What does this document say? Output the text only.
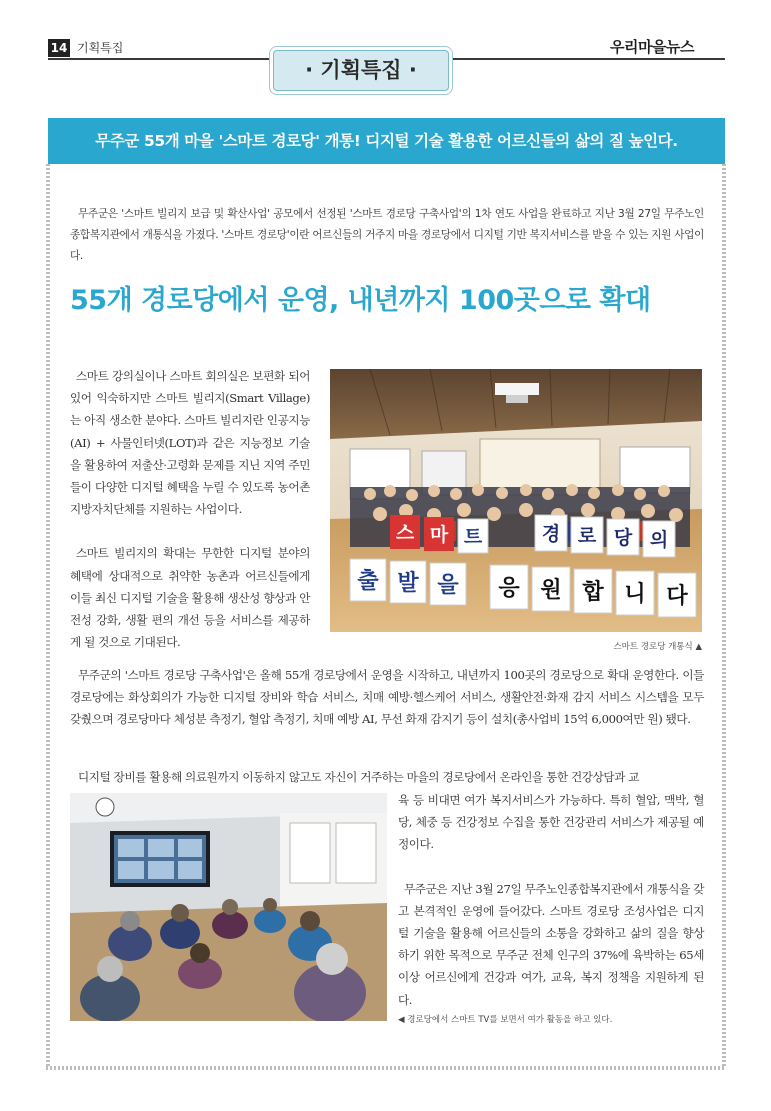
14 기획특집	우리마을뉴스
· 기획특집 ·
무주군 55개 마을 '스마트 경로당' 개통! 디지털 기술 활용한 어르신들의 삶의 질 높인다.

무주군은 '스마트 빌리지 보급 및 확산사업' 공모에서 선정된 '스마트 경로당 구축사업'의 1차 연도 사업을 완료하고 지난 3월 27일 무주노인종합복지관에서 개통식을 가졌다. '스마트 경로당'이란 어르신들의 거주지 마을 경로당에서 디지털 기반 복지서비스를 받을 수 있는 지원 사업이다.

55개 경로당에서 운영, 내년까지 100곳으로 확대

스마트 강의실이나 스마트 회의실은 보편화 되어 있어 익숙하지만 스마트 빌리지(Smart Village)는 아직 생소한 분야다. 스마트 빌리지란 인공지능(AI) + 사물인터넷(LOT)과 같은 지능정보 기술을 활용하여 저출산·고령화 문제를 지닌 지역 주민들이 다양한 디지털 혜택을 누릴 수 있도록 농어촌 지방자치단체를 지원하는 사업이다.

스마트 빌리지의 확대는 무한한 디지털 분야의 혜택에 상대적으로 취약한 농촌과 어르신들에게 이들 최신 디지털 기술을 활용해 생산성 향상과 안전성 강화, 생활 편의 개선 등을 서비스를 제공하게 될 것으로 기대된다.

스 마 트	경 로 당 의
출 발 을 응 원 합 니 다
스마트 경로당 개통식 ▲

무주군의 '스마트 경로당 구축사업'은 올해 55개 경로당에서 운영을 시작하고, 내년까지 100곳의 경로당으로 확대 운영한다. 이들 경로당에는 화상회의가 가능한 디지털 장비와 학습 서비스, 치매 예방·헬스케어 서비스, 생활안전·화재 감지 서비스 시스템을 모두 갖췄으며 경로당마다 체성분 측정기, 혈압 측정기, 치매 예방 AI, 무선 화재 감지기 등이 설치(총사업비 15억 6,000여만 원) 됐다.

디지털 장비를 활용해 의료원까지 이동하지 않고도 자신이 거주하는 마을의 경로당에서 온라인을 통한 건강상담과 교

육 등 비대면 여가 복지서비스가 가능하다. 특히 혈압, 맥박, 혈당, 체중 등 건강정보 수집을 통한 건강관리 서비스가 제공될 예정이다.

무주군은 지난 3월 27일 무주노인종합복지관에서 개통식을 갖고 본격적인 운영에 들어갔다. 스마트 경로당 조성사업은 디지털 기술을 활용해 어르신들의 소통을 강화하고 삶의 질을 향상하기 위한 목적으로 무주군 전체 인구의 37%에 육박하는 65세 이상 어르신에게 건강과 여가, 교육, 복지 정책을 지원하게 된다.

◀ 경로당에서 스마트 TV를 보면서 여가 활동을 하고 있다.
